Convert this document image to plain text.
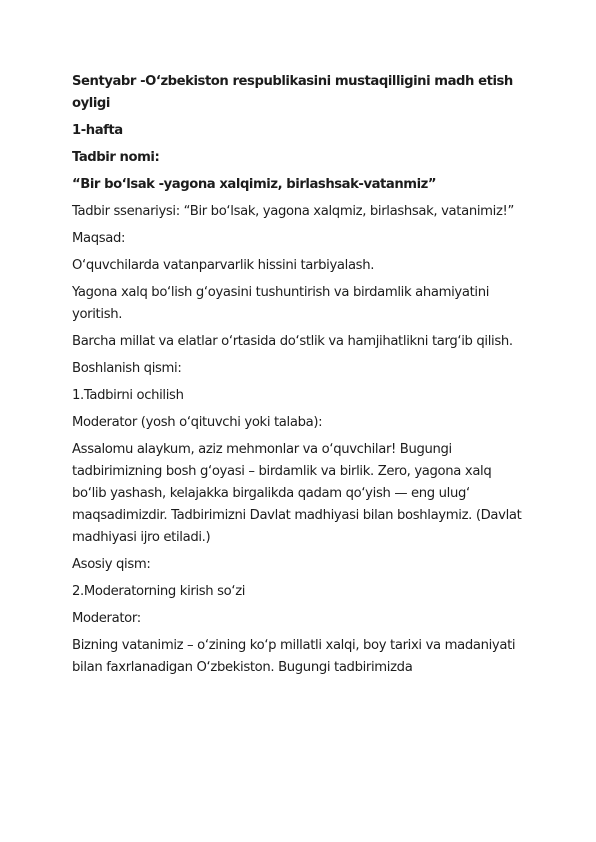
Sentyabr -O‘zbekiston respublikasini mustaqilligini madh etish oyligi

1-hafta

Tadbir nomi:

“Bir bo‘lsak -yagona xalqimiz, birlashsak-vatanmiz”

Tadbir ssenariysi: “Bir bo‘lsak, yagona xalqmiz, birlashsak, vatanimiz!”

Maqsad:

O‘quvchilarda vatanparvarlik hissini tarbiyalash.

Yagona xalq bo‘lish g‘oyasini tushuntirish va birdamlik ahamiyatini yoritish.

Barcha millat va elatlar o‘rtasida do‘stlik va hamjihatlikni targ‘ib qilish.

Boshlanish qismi:

1.Tadbirni ochilish

Moderator (yosh o‘qituvchi yoki talaba):

Assalomu alaykum, aziz mehmonlar va o‘quvchilar! Bugungi tadbirimizning bosh g‘oyasi – birdamlik va birlik. Zero, yagona xalq bo‘lib yashash, kelajakka birgalikda qadam qo‘yish — eng ulug‘ maqsadimizdir. Tadbirimizni Davlat madhiyasi bilan boshlaymiz. (Davlat madhiyasi ijro etiladi.)

Asosiy qism:

2.Moderatorning kirish so‘zi

Moderator:

Bizning vatanimiz – o‘zining ko‘p millatli xalqi, boy tarixi va madaniyati bilan faxrlanadigan O‘zbekiston. Bugungi tadbirimizda
